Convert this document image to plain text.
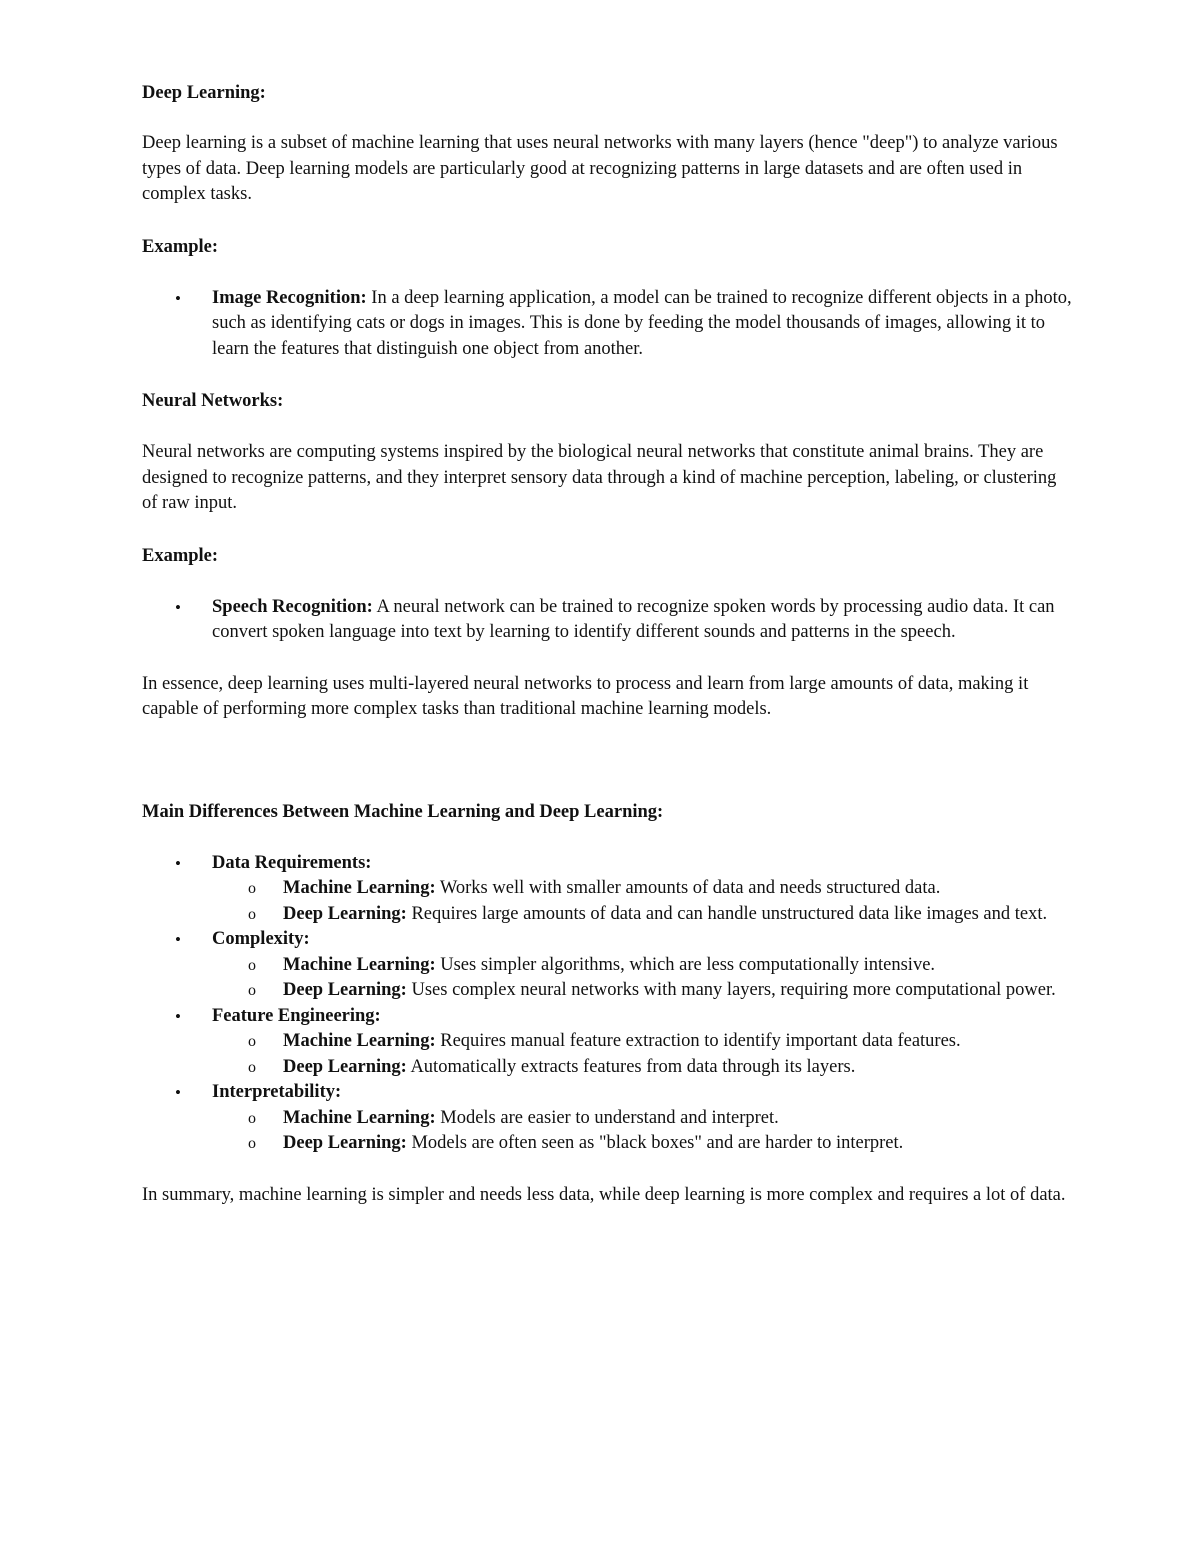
Deep Learning:

Deep learning is a subset of machine learning that uses neural networks with many layers (hence "deep") to analyze various types of data. Deep learning models are particularly good at recognizing patterns in large datasets and are often used in complex tasks.

Example:

• Image Recognition: In a deep learning application, a model can be trained to recognize different objects in a photo, such as identifying cats or dogs in images. This is done by feeding the model thousands of images, allowing it to learn the features that distinguish one object from another.

Neural Networks:

Neural networks are computing systems inspired by the biological neural networks that constitute animal brains. They are designed to recognize patterns, and they interpret sensory data through a kind of machine perception, labeling, or clustering of raw input.

Example:

• Speech Recognition: A neural network can be trained to recognize spoken words by processing audio data. It can convert spoken language into text by learning to identify different sounds and patterns in the speech.

In essence, deep learning uses multi-layered neural networks to process and learn from large amounts of data, making it capable of performing more complex tasks than traditional machine learning models.

Main Differences Between Machine Learning and Deep Learning:

• Data Requirements:
o Machine Learning: Works well with smaller amounts of data and needs structured data.
o Deep Learning: Requires large amounts of data and can handle unstructured data like images and text.
• Complexity:
o Machine Learning: Uses simpler algorithms, which are less computationally intensive.
o Deep Learning: Uses complex neural networks with many layers, requiring more computational power.
• Feature Engineering:
o Machine Learning: Requires manual feature extraction to identify important data features.
o Deep Learning: Automatically extracts features from data through its layers.
• Interpretability:
o Machine Learning: Models are easier to understand and interpret.
o Deep Learning: Models are often seen as "black boxes" and are harder to interpret.

In summary, machine learning is simpler and needs less data, while deep learning is more complex and requires a lot of data.
